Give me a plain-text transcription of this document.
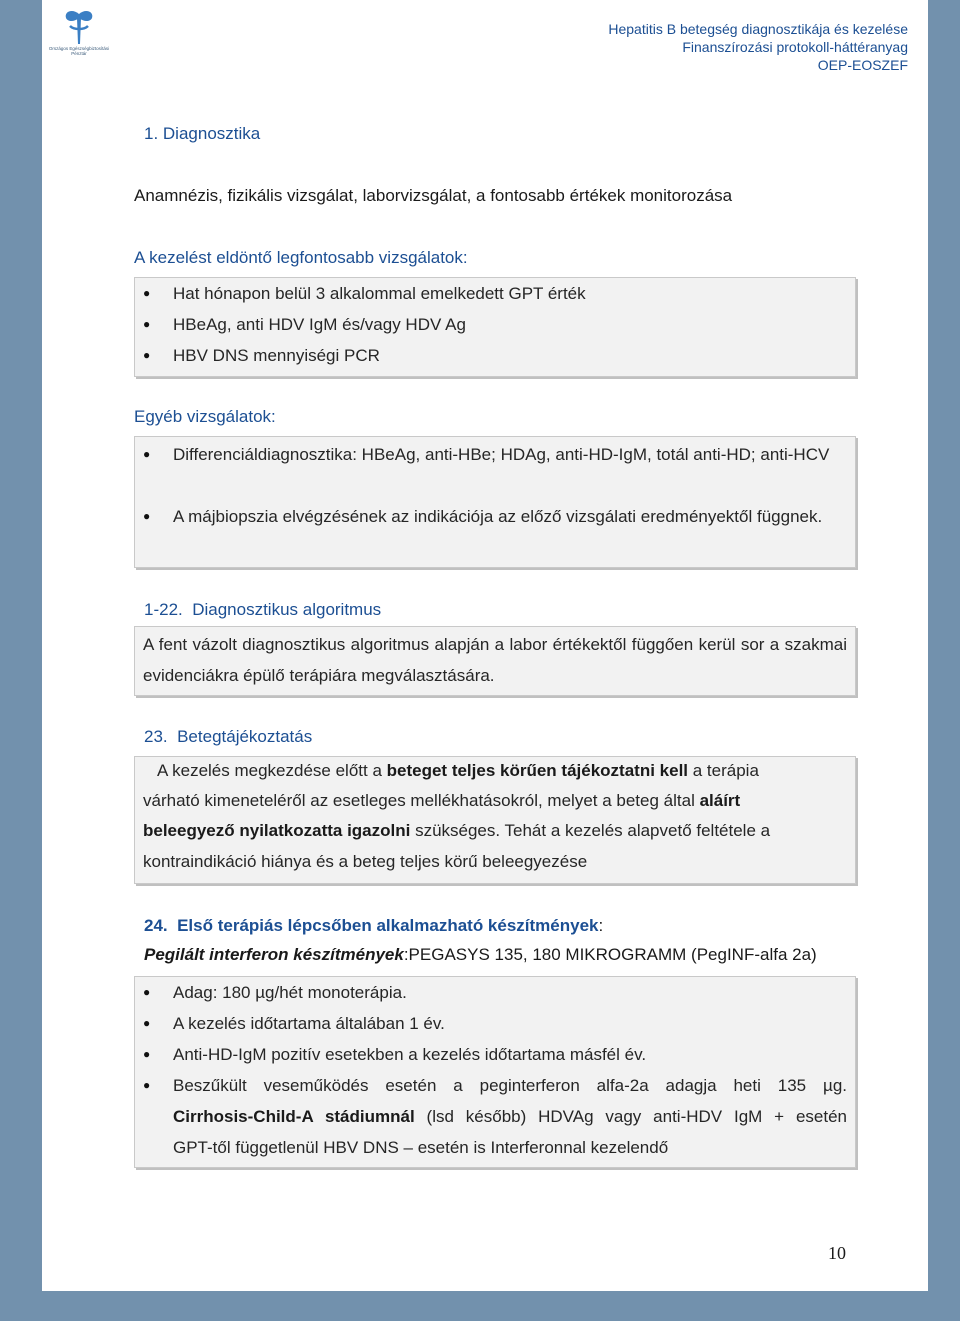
Országos Egészségbiztosítási
Pénztár
Hepatitis B betegség diagnosztikája és kezelése
Finanszírozási protokoll-háttéranyag
OEP-EOSZEF
1. Diagnosztika
Anamnézis, fizikális vizsgálat, laborvizsgálat, a fontosabb értékek monitorozása
A kezelést eldöntő legfontosabb vizsgálatok:
● Hat hónapon belül 3 alkalommal emelkedett GPT érték
● HBeAg, anti HDV IgM és/vagy HDV Ag
● HBV DNS mennyiségi PCR
Egyéb vizsgálatok:
● Differenciáldiagnosztika: HBeAg, anti-HBe; HDAg, anti-HD-IgM, totál anti-HD; anti-HCV
● A májbiopszia elvégzésének az indikációja az előző vizsgálati eredményektől függnek.
1-22. Diagnosztikus algoritmus
A fent vázolt diagnosztikus algoritmus alapján a labor értékektől függően kerül sor a szakmai evidenciákra épülő terápiára megválasztására.
23. Betegtájékoztatás
A kezelés megkezdése előtt a beteget teljes körűen tájékoztatni kell a terápia
várható kimeneteléről az esetleges mellékhatásokról, melyet a beteg által aláírt
beleegyező nyilatkozatta igazolni szükséges. Tehát a kezelés alapvető feltétele a
kontraindikáció hiánya és a beteg teljes körű beleegyezése
24. Első terápiás lépcsőben alkalmazható készítmények:
Pegilált interferon készítmények:PEGASYS 135, 180 MIKROGRAMM (PegINF-alfa 2a)
● Adag: 180 µg/hét monoterápia.
● A kezelés időtartama általában 1 év.
● Anti-HD-IgM pozitív esetekben a kezelés időtartama másfél év.
● Beszűkült veseműködés esetén a peginterferon alfa-2a adagja heti 135 µg.
Cirrhosis-Child-A stádiumnál (lsd később) HDVAg vagy anti-HDV IgM + esetén
GPT-től függetlenül HBV DNS – esetén is Interferonnal kezelendő
10
